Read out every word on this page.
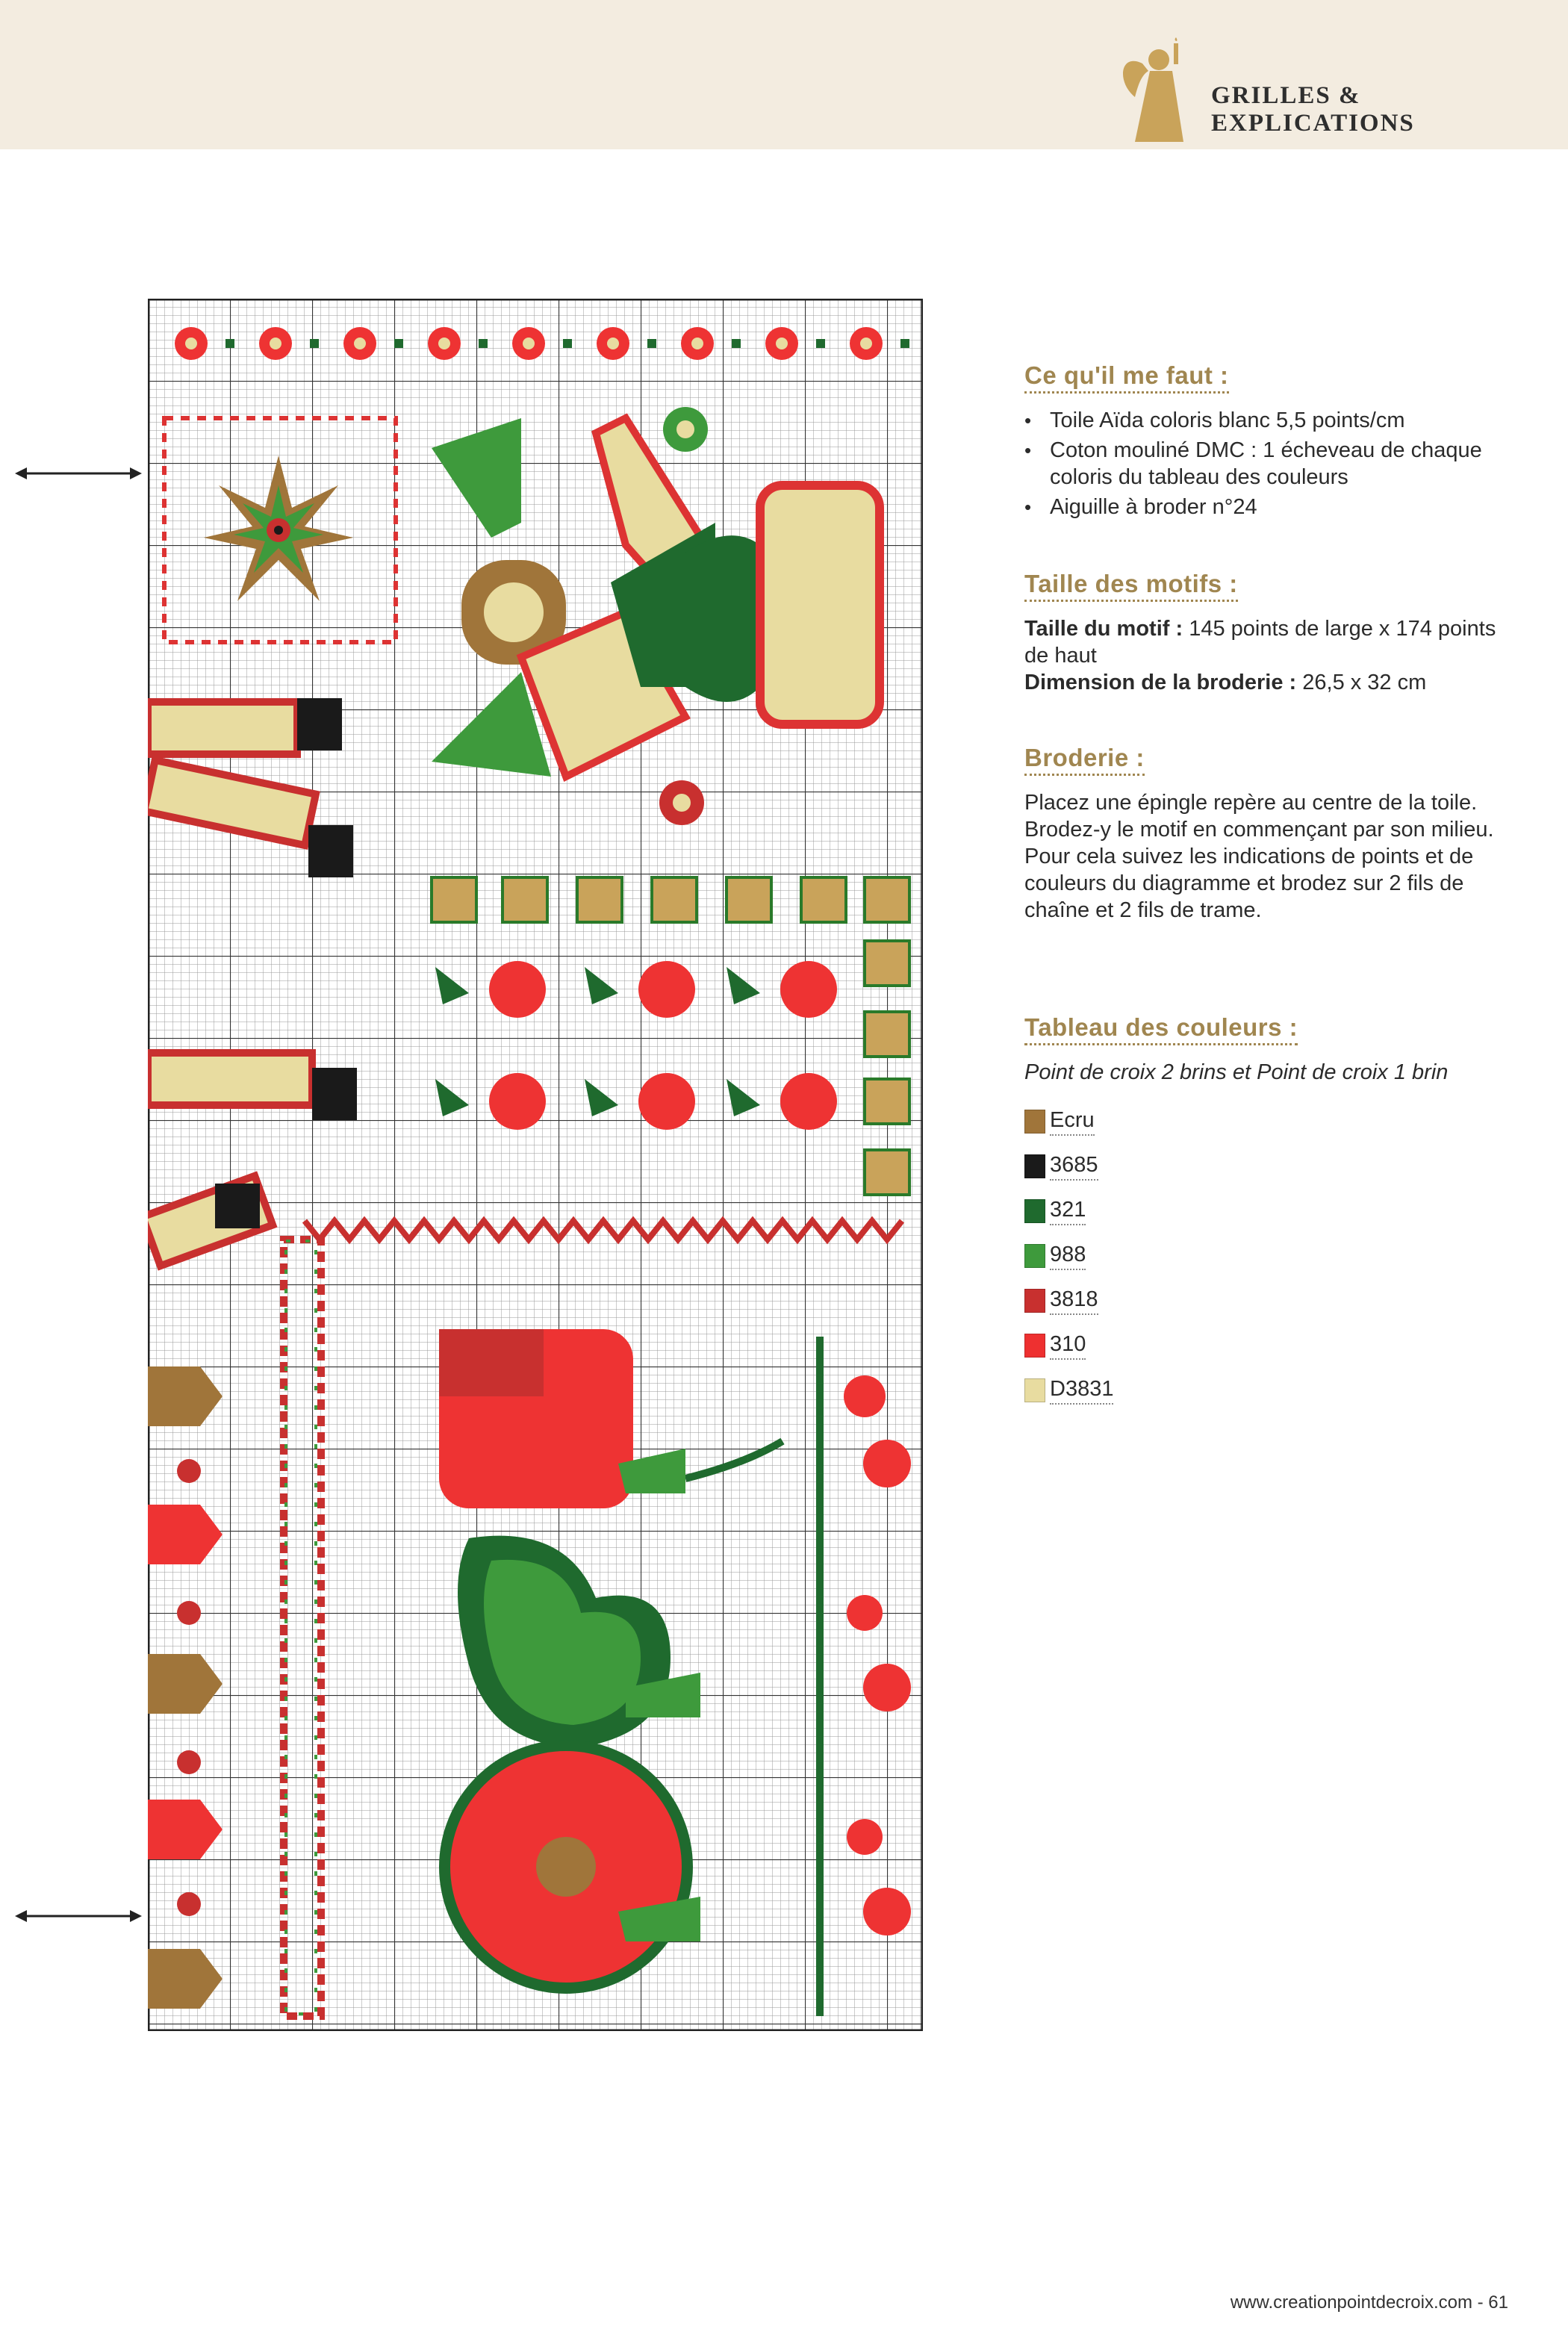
GRILLES & EXPLICATIONS
Ce qu'il me faut :
• Toile Aïda coloris blanc 5,5 points/cm
• Coton mouliné DMC : 1 écheveau de chaque coloris du tableau des couleurs
• Aiguille à broder n°24
Taille des motifs :

Taille du motif : 145 points de large x 174 points de haut

Dimension de la broderie : 26,5 x 32 cm

Broderie :

Placez une épingle repère au centre de la toile. Brodez-y le motif en commençant par son milieu. Pour cela suivez les indications de points et de couleurs du diagramme et brodez sur 2 fils de chaîne et 2 fils de trame.

Tableau des couleurs :

Point de croix 2 brins et Point de croix 1 brin

Ecru
3685
321
988
3818
310
D3831
www.creationpointdecroix.com - 61
